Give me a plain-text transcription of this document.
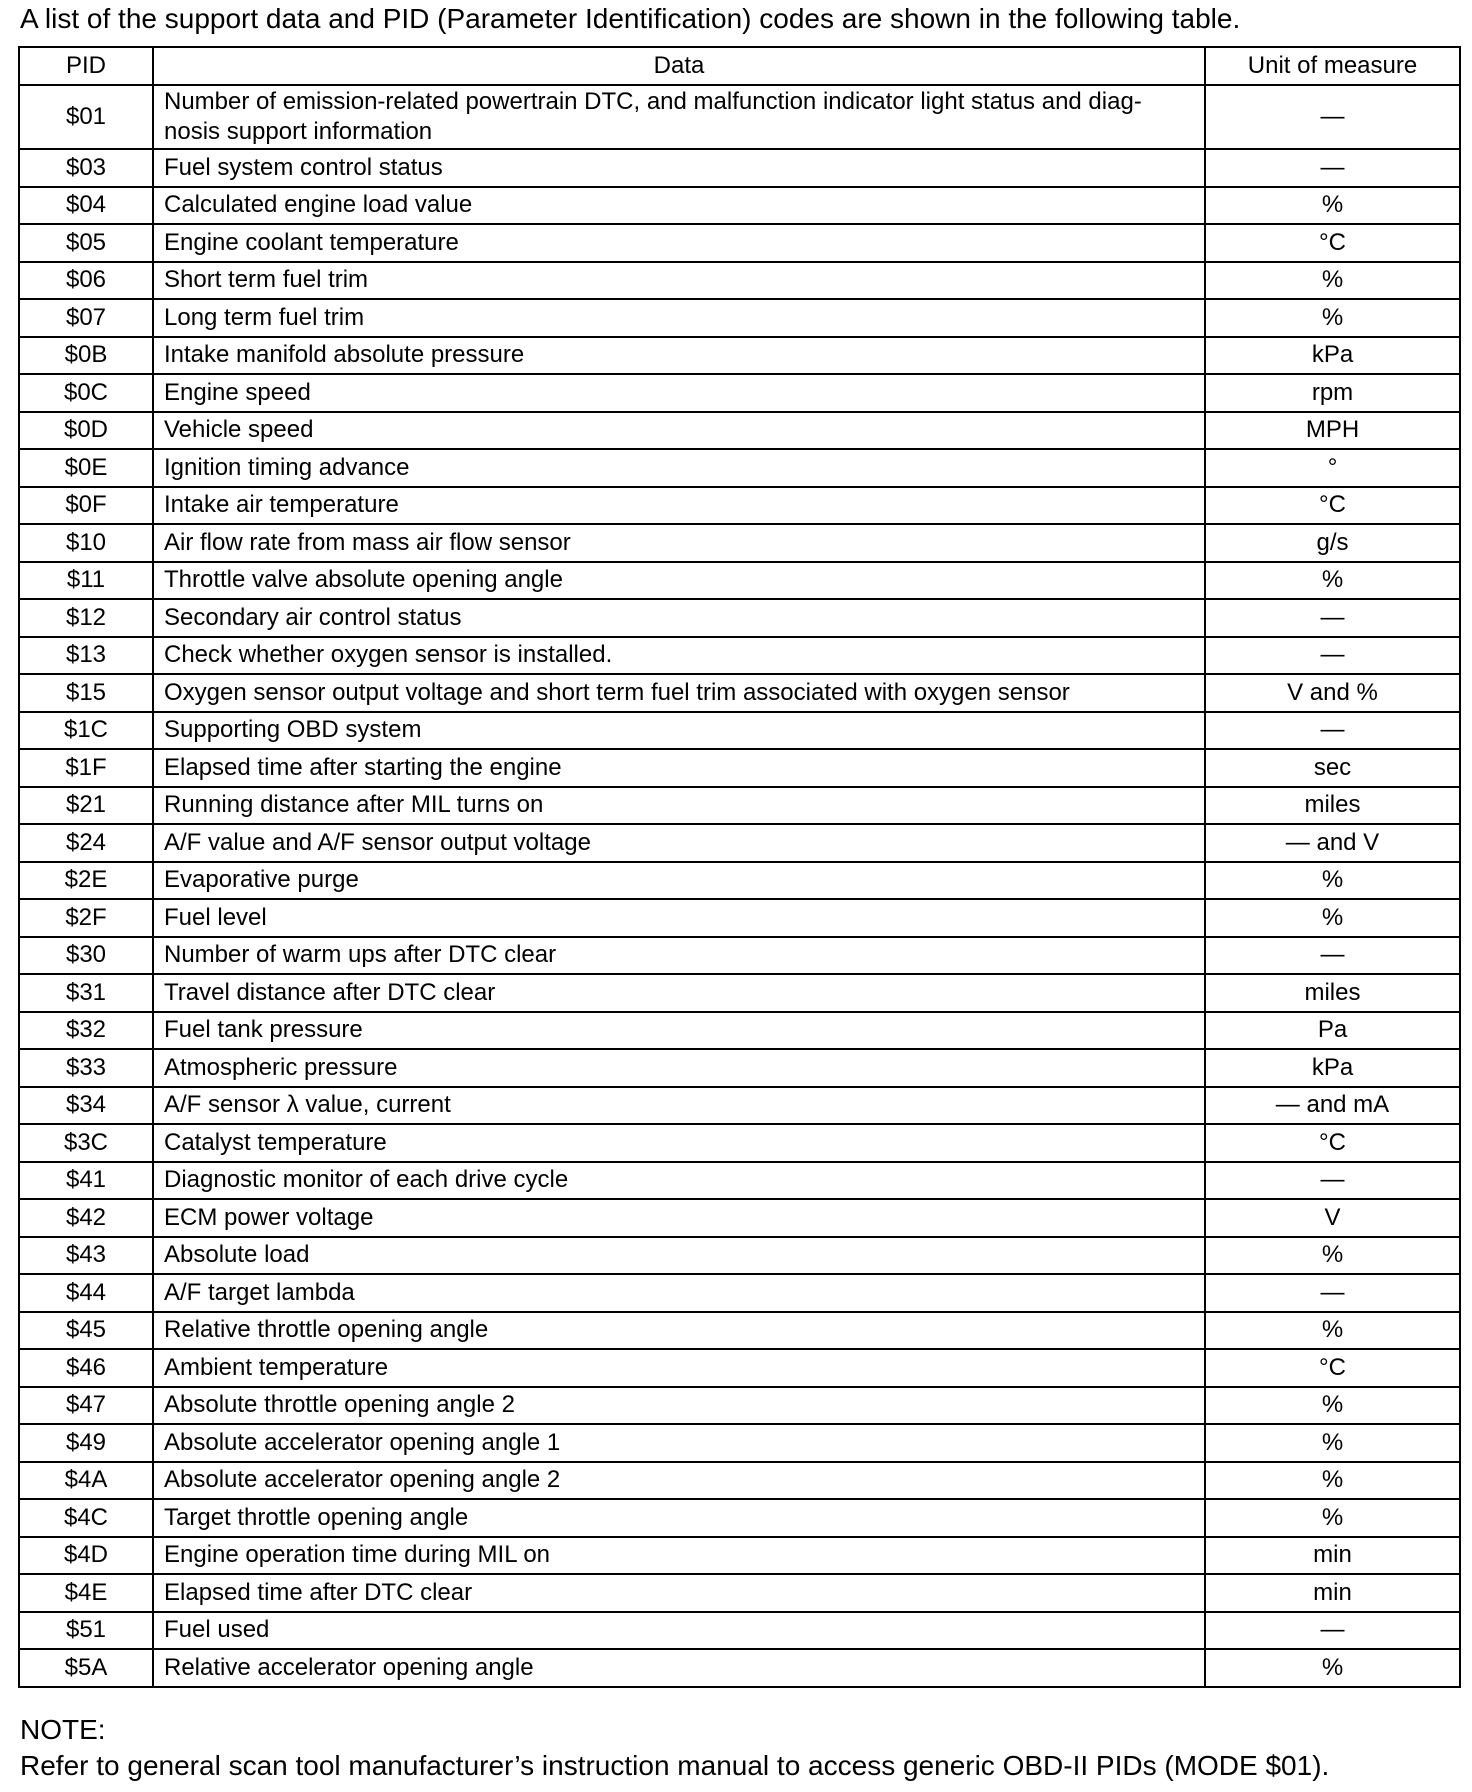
A list of the support data and PID (Parameter Identification) codes are shown in the following table.
PID	Data	Unit of measure
$01	Number of emission-related powertrain DTC, and malfunction indicator light status and diag-nosis support information	—
$03	Fuel system control status	—
$04	Calculated engine load value	%
$05	Engine coolant temperature	°C
$06	Short term fuel trim	%
$07	Long term fuel trim	%
$0B	Intake manifold absolute pressure	kPa
$0C	Engine speed	rpm
$0D	Vehicle speed	MPH
$0E	Ignition timing advance	°
$0F	Intake air temperature	°C
$10	Air flow rate from mass air flow sensor	g/s
$11	Throttle valve absolute opening angle	%
$12	Secondary air control status	—
$13	Check whether oxygen sensor is installed.	—
$15	Oxygen sensor output voltage and short term fuel trim associated with oxygen sensor	V and %
$1C	Supporting OBD system	—
$1F	Elapsed time after starting the engine	sec
$21	Running distance after MIL turns on	miles
$24	A/F value and A/F sensor output voltage	— and V
$2E	Evaporative purge	%
$2F	Fuel level	%
$30	Number of warm ups after DTC clear	—
$31	Travel distance after DTC clear	miles
$32	Fuel tank pressure	Pa
$33	Atmospheric pressure	kPa
$34	A/F sensor λ value, current	— and mA
$3C	Catalyst temperature	°C
$41	Diagnostic monitor of each drive cycle	—
$42	ECM power voltage	V
$43	Absolute load	%
$44	A/F target lambda	—
$45	Relative throttle opening angle	%
$46	Ambient temperature	°C
$47	Absolute throttle opening angle 2	%
$49	Absolute accelerator opening angle 1	%
$4A	Absolute accelerator opening angle 2	%
$4C	Target throttle opening angle	%
$4D	Engine operation time during MIL on	min
$4E	Elapsed time after DTC clear	min
$51	Fuel used	—
$5A	Relative accelerator opening angle	%
NOTE:
Refer to general scan tool manufacturer’s instruction manual to access generic OBD-II PIDs (MODE $01).
